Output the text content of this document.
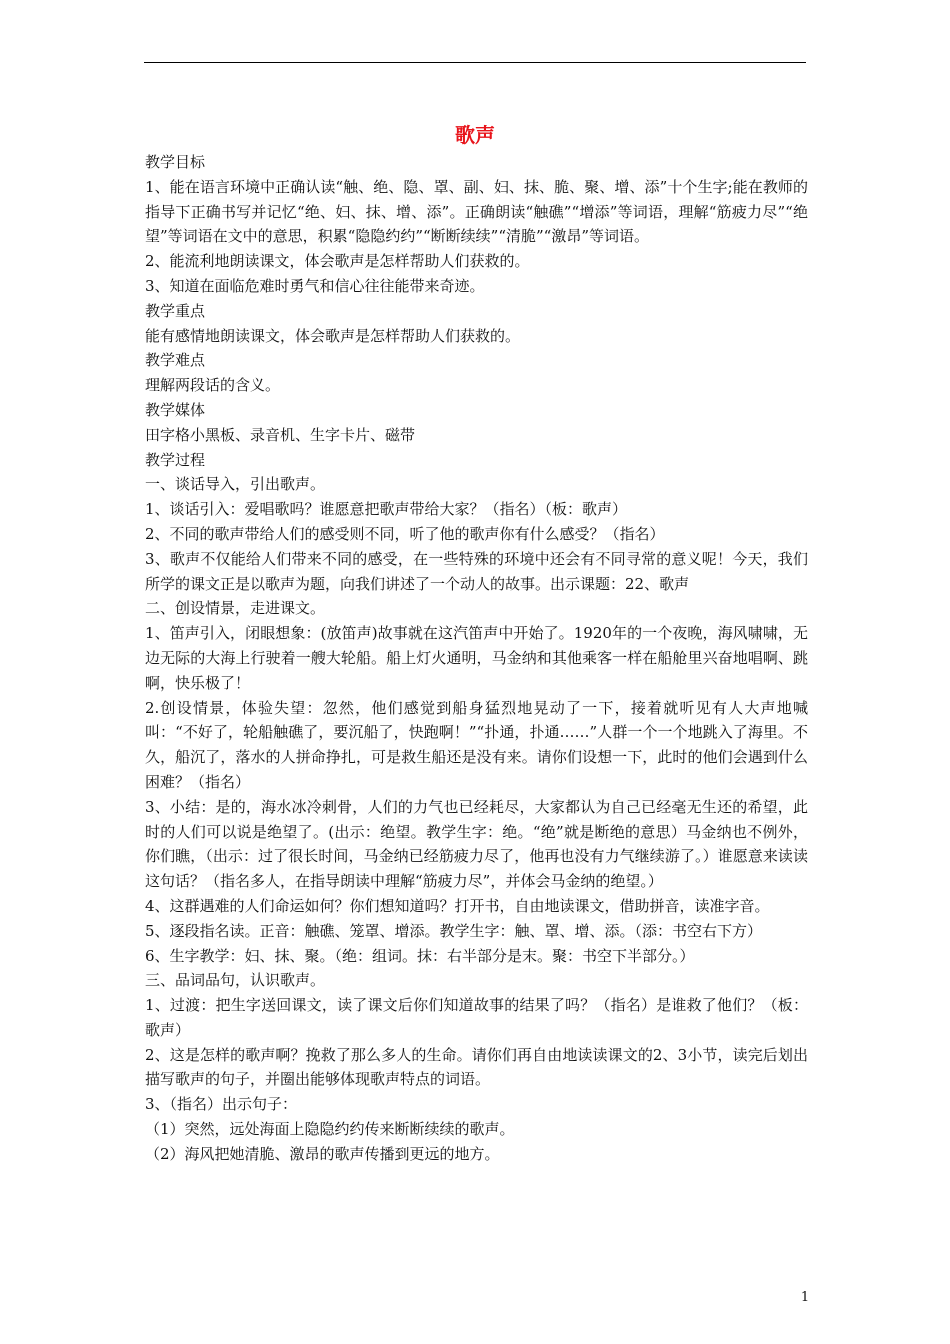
歌声

教学目标

1、能在语言环境中正确认读“触、绝、隐、罩、副、妇、抹、脆、聚、增、添”十个生字;能在教师的指导下正确书写并记忆“绝、妇、抹、增、添”。正确朗读“触礁”“增添”等词语，理解“筋疲力尽”“绝望”等词语在文中的意思，积累“隐隐约约”“断断续续”“清脆”“激昂”等词语。

2、能流利地朗读课文，体会歌声是怎样帮助人们获救的。

3、知道在面临危难时勇气和信心往往能带来奇迹。

教学重点

能有感情地朗读课文，体会歌声是怎样帮助人们获救的。

教学难点

理解两段话的含义。

教学媒体

田字格小黑板、录音机、生字卡片、磁带

教学过程

一、谈话导入，引出歌声。

1、谈话引入：爱唱歌吗？谁愿意把歌声带给大家？（指名）（板：歌声）

2、不同的歌声带给人们的感受则不同，听了他的歌声你有什么感受？（指名）

3、歌声不仅能给人们带来不同的感受，在一些特殊的环境中还会有不同寻常的意义呢！今天，我们所学的课文正是以歌声为题，向我们讲述了一个动人的故事。出示课题：22、歌声

二、创设情景，走进课文。

1、笛声引入，闭眼想象：(放笛声)故事就在这汽笛声中开始了。1920年的一个夜晚，海风啸啸，无边无际的大海上行驶着一艘大轮船。船上灯火通明，马金纳和其他乘客一样在船舱里兴奋地唱啊、跳啊，快乐极了！

2.创设情景，体验失望：忽然，他们感觉到船身猛烈地晃动了一下，接着就听见有人大声地喊叫：“不好了，轮船触礁了，要沉船了，快跑啊！”“扑通，扑通……”人群一个一个地跳入了海里。不久，船沉了，落水的人拼命挣扎，可是救生船还是没有来。请你们设想一下，此时的他们会遇到什么困难？（指名）

3、小结：是的，海水冰冷刺骨，人们的力气也已经耗尽，大家都认为自己已经毫无生还的希望，此时的人们可以说是绝望了。(出示：绝望。教学生字：绝。“绝”就是断绝的意思）马金纳也不例外，你们瞧，（出示：过了很长时间，马金纳已经筋疲力尽了，他再也没有力气继续游了。）谁愿意来读读这句话？（指名多人，在指导朗读中理解“筋疲力尽”，并体会马金纳的绝望。）

4、这群遇难的人们命运如何？你们想知道吗？打开书，自由地读课文，借助拼音，读准字音。

5、逐段指名读。正音：触礁、笼罩、增添。教学生字：触、罩、增、添。（添：书空右下方）

6、生字教学：妇、抹、聚。（绝：组词。抹：右半部分是末。聚：书空下半部分。）

三、品词品句，认识歌声。

1、过渡：把生字送回课文，读了课文后你们知道故事的结果了吗？（指名）是谁救了他们？（板：歌声）

2、这是怎样的歌声啊？挽救了那么多人的生命。请你们再自由地读读课文的2、3小节，读完后划出描写歌声的句子，并圈出能够体现歌声特点的词语。

3、（指名）出示句子：

（1）突然，远处海面上隐隐约约传来断断续续的歌声。

（2）海风把她清脆、激昂的歌声传播到更远的地方。

1
